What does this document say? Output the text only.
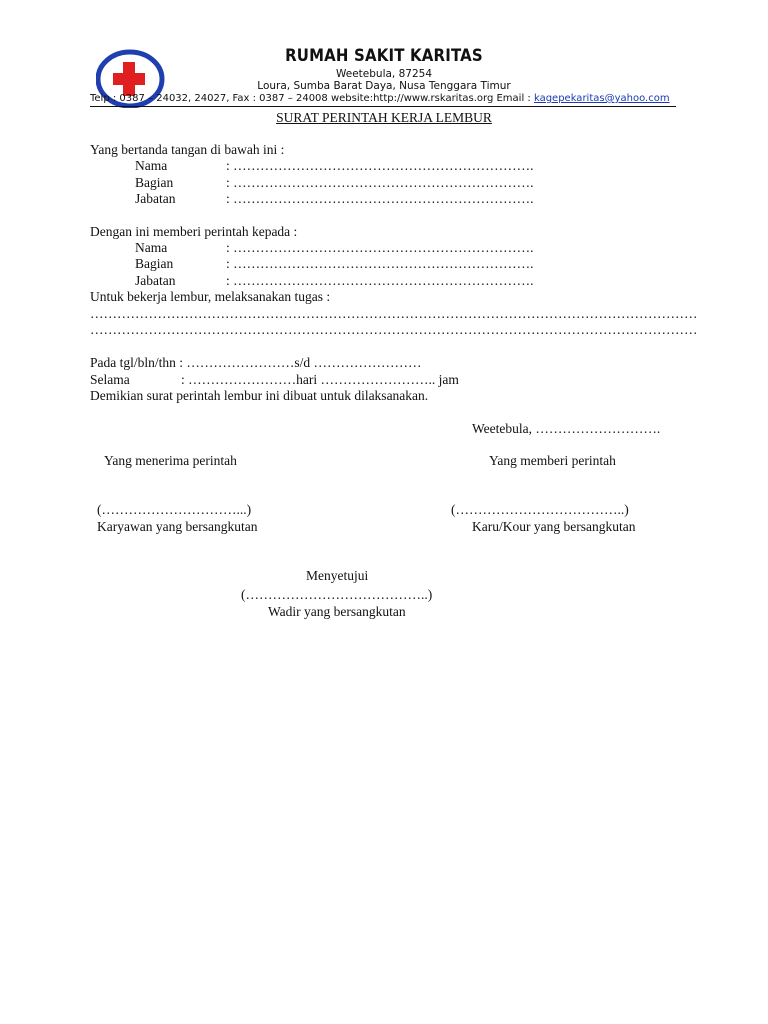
RUMAH SAKIT KARITAS
Weetebula, 87254
Loura, Sumba Barat Daya, Nusa Tenggara Timur
Telp : 0387 – 24032, 24027, Fax : 0387 – 24008 website:http://www.rskaritas.org Email : kagepekaritas@yahoo.com
SURAT PERINTAH KERJA LEMBUR
Yang bertanda tangan di bawah ini :
Nama	: ………………………………………………………….
Bagian	: ………………………………………………………….
Jabatan	: ………………………………………………………….
Dengan ini memberi perintah kepada :
Nama	: ………………………………………………………….
Bagian	: ………………………………………………………….
Jabatan	: ………………………………………………………….
Untuk bekerja lembur, melaksanakan tugas :
………………………………………………………………………………………………………………………
………………………………………………………………………………………………………………………
Pada tgl/bln/thn : ……………………s/d ……………………
Selama	: ……………………hari …………………….. jam
Demikian surat perintah lembur ini dibuat untuk dilaksanakan.
Weetebula, ……………………….
Yang menerima perintah
(…………………………...)
Karyawan yang bersangkutan
Yang memberi perintah
(………………………………..)
Karu/Kour yang bersangkutan
Menyetujui
(…………………………………..)
Wadir yang bersangkutan
